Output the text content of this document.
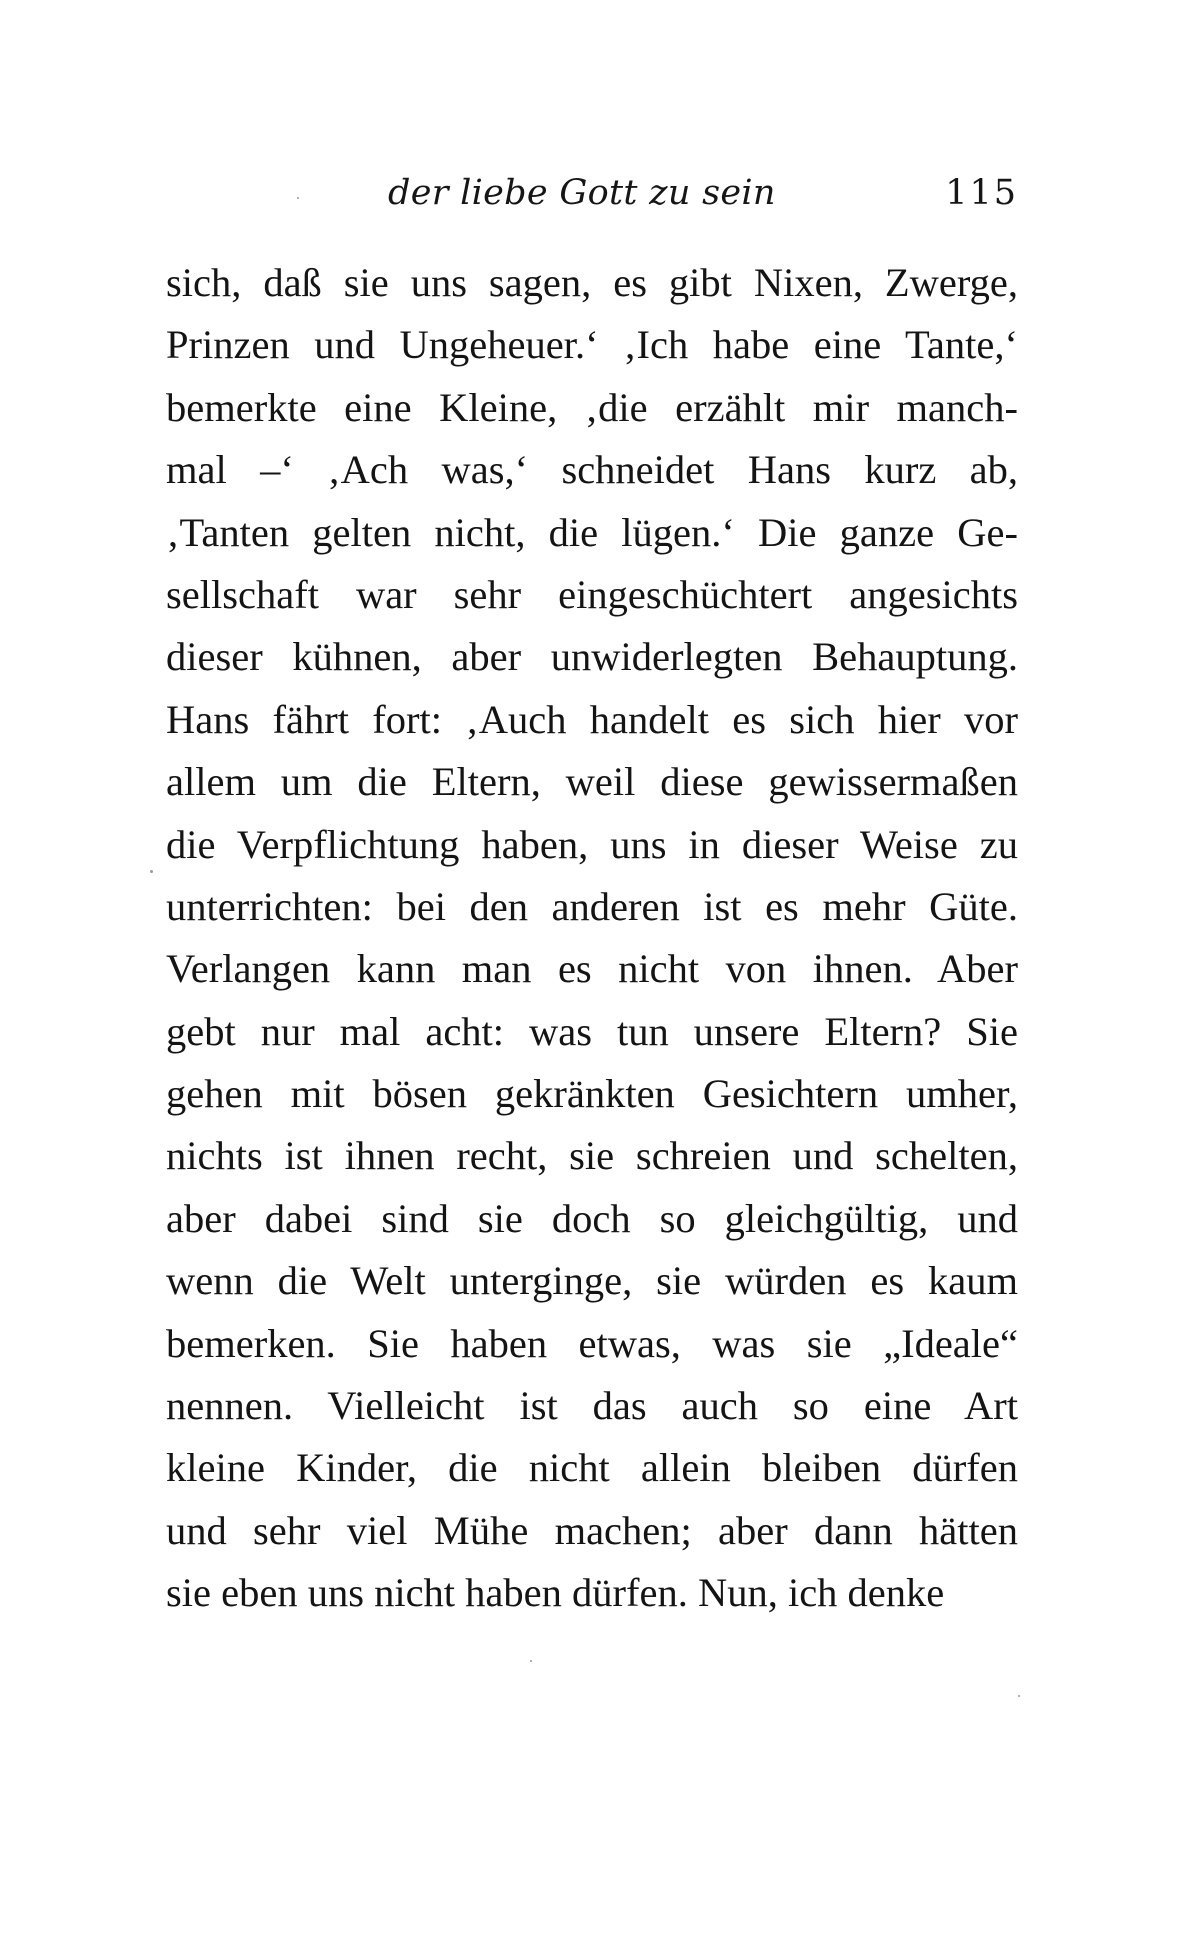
der liebe Gott zu sein	115
sich, daß sie uns sagen, es gibt Nixen, Zwerge,
Prinzen und Ungeheuer.‘ ‚Ich habe eine Tante,‘
bemerkte eine Kleine, ‚die erzählt mir manch-
mal –‘ ‚Ach was,‘ schneidet Hans kurz ab,
‚Tanten gelten nicht, die lügen.‘ Die ganze Ge-
sellschaft war sehr eingeschüchtert angesichts
dieser kühnen, aber unwiderlegten Behauptung.
Hans fährt fort: ‚Auch handelt es sich hier vor
allem um die Eltern, weil diese gewissermaßen
die Verpflichtung haben, uns in dieser Weise zu
unterrichten: bei den anderen ist es mehr Güte.
Verlangen kann man es nicht von ihnen. Aber
gebt nur mal acht: was tun unsere Eltern? Sie
gehen mit bösen gekränkten Gesichtern umher,
nichts ist ihnen recht, sie schreien und schelten,
aber dabei sind sie doch so gleichgültig, und
wenn die Welt unterginge, sie würden es kaum
bemerken. Sie haben etwas, was sie „Ideale“
nennen. Vielleicht ist das auch so eine Art
kleine Kinder, die nicht allein bleiben dürfen
und sehr viel Mühe machen; aber dann hätten
sie eben uns nicht haben dürfen. Nun, ich denke
